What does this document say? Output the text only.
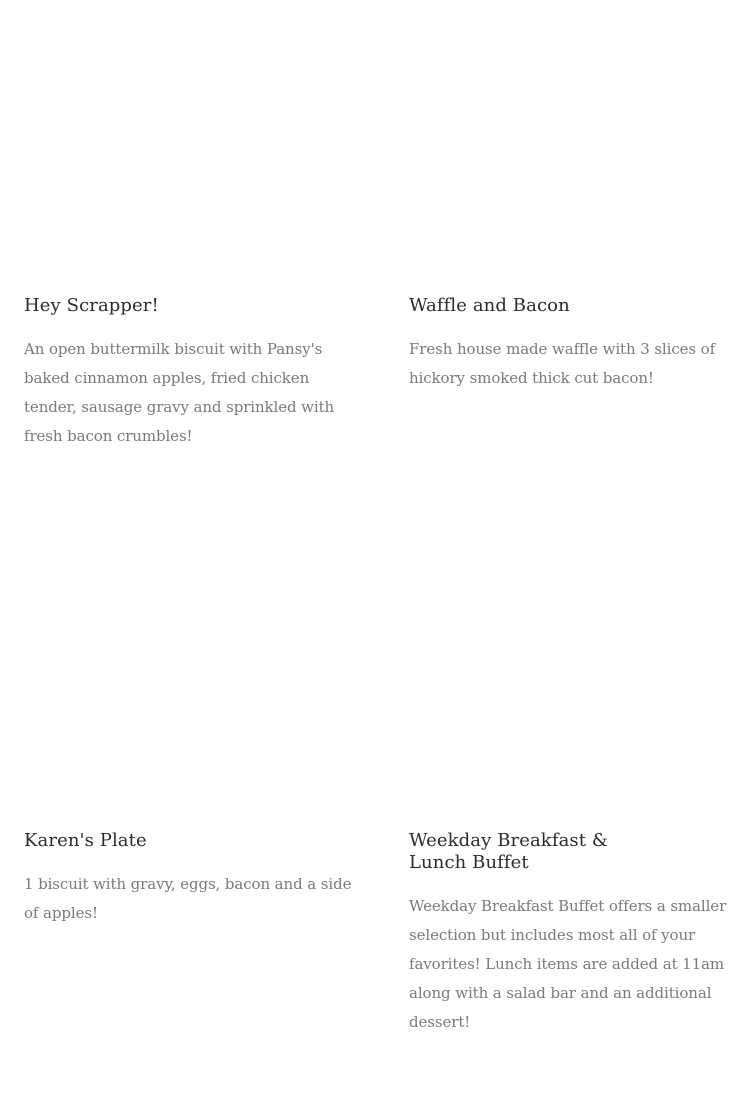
Hey Scrapper!

An open buttermilk biscuit with Pansy's baked cinnamon apples, fried chicken tender, sausage gravy and sprinkled with fresh bacon crumbles!

Waffle and Bacon

Fresh house made waffle with 3 slices of hickory smoked thick cut bacon!

Karen's Plate

1 biscuit with gravy, eggs, bacon and a side of apples!

Weekday Breakfast & Lunch Buffet

Weekday Breakfast Buffet offers a smaller selection but includes most all of your favorites! Lunch items are added at 11am along with a salad bar and an additional dessert!
